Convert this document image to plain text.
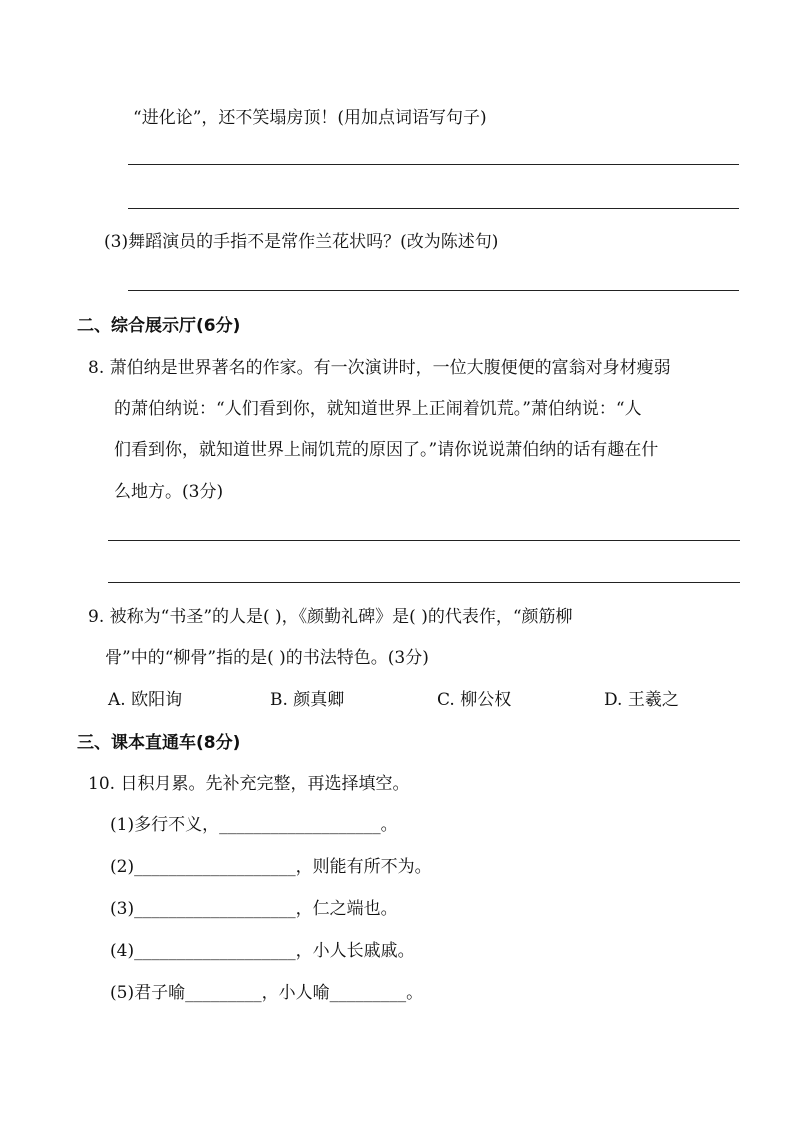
“进化论”，还不笑塌房顶！(用加点词语写句子)
(3)舞蹈演员的手指不是常作兰花状吗？(改为陈述句)
二、综合展示厅(6分)
8. 萧伯纳是世界著名的作家。有一次演讲时，一位大腹便便的富翁对身材瘦弱
的萧伯纳说：“人们看到你，就知道世界上正闹着饥荒。”萧伯纳说：“人
们看到你，就知道世界上闹饥荒的原因了。”请你说说萧伯纳的话有趣在什
么地方。(3分)
9. 被称为“书圣”的人是( )，《颜勤礼碑》是( )的代表作，“颜筋柳
骨”中的“柳骨”指的是( )的书法特色。(3分)
A. 欧阳询	B. 颜真卿	C. 柳公权	D. 王羲之
三、课本直通车(8分)
10. 日积月累。先补充完整，再选择填空。
(1)多行不义，___________________。
(2)___________________，则能有所不为。
(3)___________________，仁之端也。
(4)___________________，小人长戚戚。
(5)君子喻_________，小人喻_________。
